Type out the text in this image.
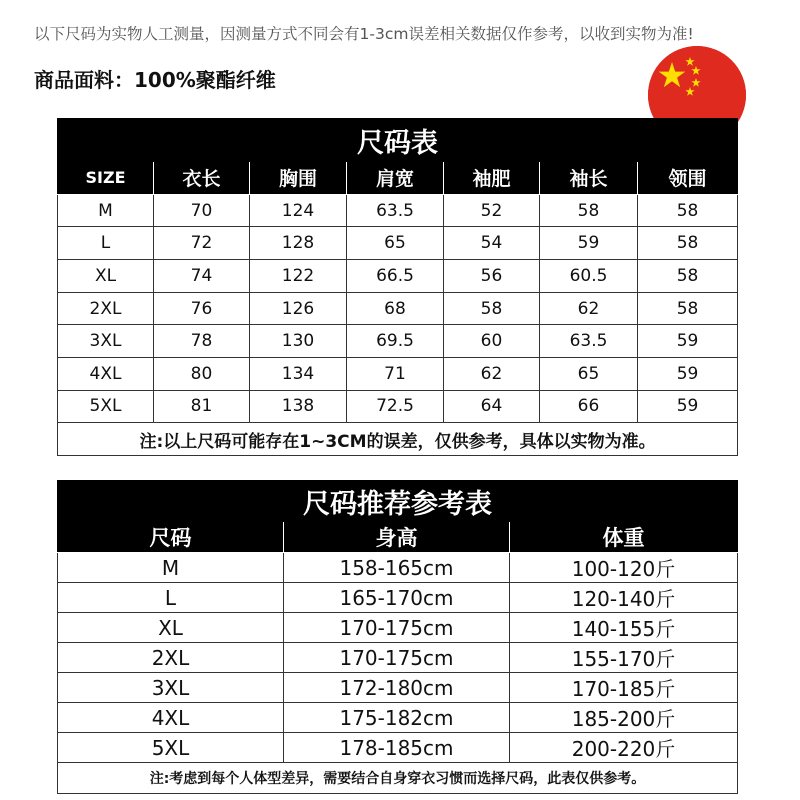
以下尺码为实物人工测量，因测量方式不同会有1-3cm误差相关数据仅作参考，以收到实物为准!
商品面料：100%聚酯纤维
尺码表						
SIZE	衣长	胸围	肩宽	袖肥	袖长	领围
M	70	124	63.5	52	58	58
L	72	128	65	54	59	58
XL	74	122	66.5	56	60.5	58
2XL	76	126	68	58	62	58
3XL	78	130	69.5	60	63.5	59
4XL	80	134	71	62	65	59
5XL	81	138	72.5	64	66	59
注:以上尺码可能存在1~3CM的误差，仅供参考，具体以实物为准。						
尺码推荐参考表		
尺码	身高	体重
M	158-165cm	100-120斤
L	165-170cm	120-140斤
XL	170-175cm	140-155斤
2XL	170-175cm	155-170斤
3XL	172-180cm	170-185斤
4XL	175-182cm	185-200斤
5XL	178-185cm	200-220斤
注:考虑到每个人体型差异，需要结合自身穿衣习惯而选择尺码，此表仅供参考。		
